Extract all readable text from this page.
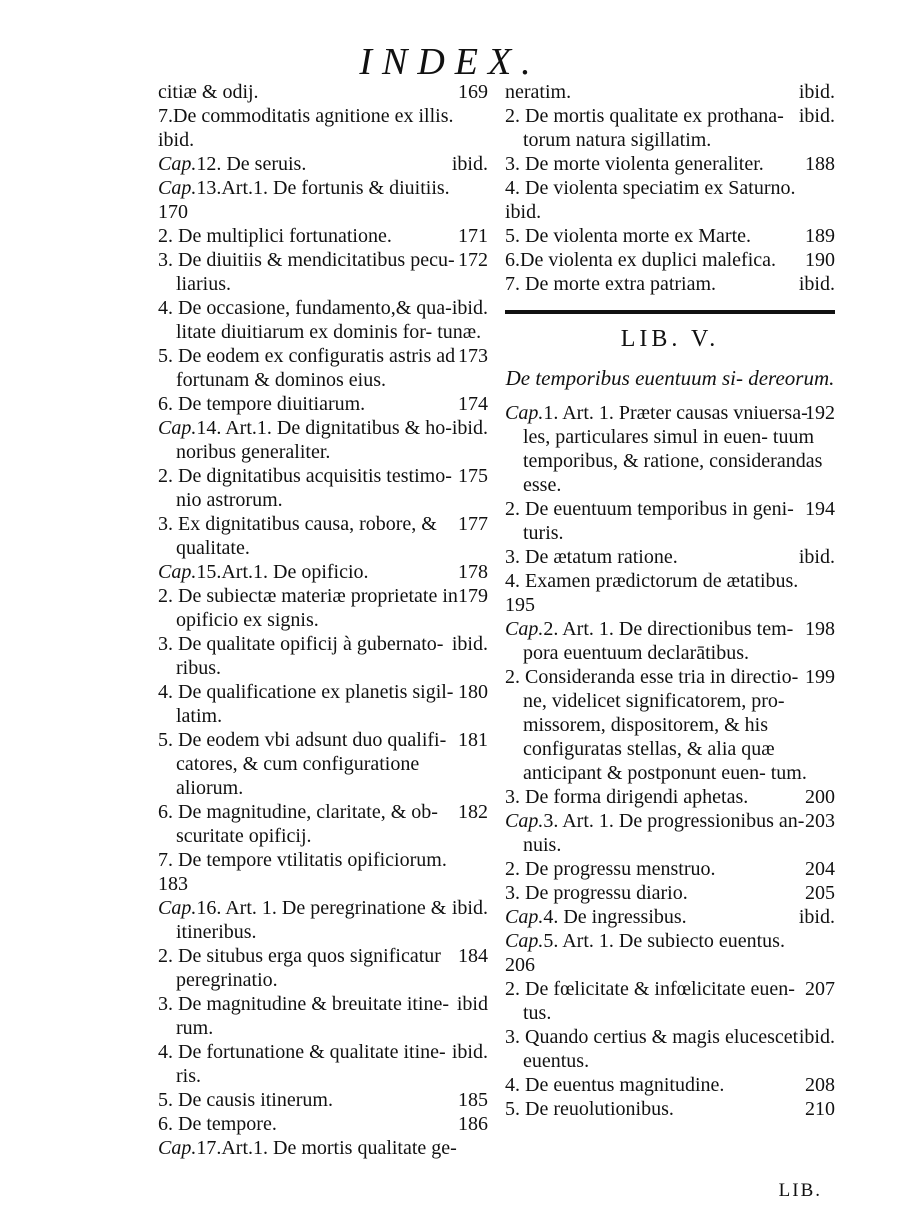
INDEX.
169
citiæ & odij.
7.De commoditatis agnitione ex illis.
ibid.
ibid.
Cap.12. De seruis.
Cap.13.Art.1. De fortunis & diuitiis.
170
171
2. De multiplici fortunatione.
172
3. De diuitiis & mendicitatibus pecu- liarius.
ibid.
4. De occasione, fundamento,& qua- litate diuitiarum ex dominis for- tunæ.
173
5. De eodem ex configuratis astris ad fortunam & dominos eius.
174
6. De tempore diuitiarum.
ibid.
Cap.14. Art.1. De dignitatibus & ho- noribus generaliter.
175
2. De dignitatibus acquisitis testimo- nio astrorum.
177
3. Ex dignitatibus causa, robore, & qualitate.
178
Cap.15.Art.1. De opificio.
179
2. De subiectæ materiæ proprietate in opificio ex signis.
ibid.
3. De qualitate opificij à gubernato- ribus.
180
4. De qualificatione ex planetis sigil- latim.
181
5. De eodem vbi adsunt duo qualifi- catores, & cum configuratione aliorum.
182
6. De magnitudine, claritate, & ob- scuritate opificij.
7. De tempore vtilitatis opificiorum.
183
ibid.
Cap.16. Art. 1. De peregrinatione & itineribus.
184
2. De situbus erga quos significatur peregrinatio.
ibid
3. De magnitudine & breuitate itine- rum.
ibid.
4. De fortunatione & qualitate itine- ris.
185
5. De causis itinerum.
186
6. De tempore.
Cap.17.Art.1. De mortis qualitate ge-
ibid.
neratim.
ibid.
2. De mortis qualitate ex prothana- torum natura sigillatim.
188
3. De morte violenta generaliter.
4. De violenta speciatim ex Saturno.
ibid.
189
5. De violenta morte ex Marte.
190
6.De violenta ex duplici malefica.
ibid.
7. De morte extra patriam.
LIB. V.
De temporibus euentuum si- dereorum.
192
Cap.1. Art. 1. Præter causas vniuersa- les, particulares simul in euen- tuum temporibus, & ratione, considerandas esse.
194
2. De euentuum temporibus in geni- turis.
ibid.
3. De ætatum ratione.
4. Examen prædictorum de ætatibus.
195
198
Cap.2. Art. 1. De directionibus tem- pora euentuum declarātibus.
199
2. Consideranda esse tria in directio- ne, videlicet significatorem, pro- missorem, dispositorem, & his configuratas stellas, & alia quæ anticipant & postponunt euen- tum.
200
3. De forma dirigendi aphetas.
203
Cap.3. Art. 1. De progressionibus an- nuis.
204
2. De progressu menstruo.
205
3. De progressu diario.
ibid.
Cap.4. De ingressibus.
Cap.5. Art. 1. De subiecto euentus.
206
207
2. De fœlicitate & infœlicitate euen- tus.
ibid.
3. Quando certius & magis elucescet euentus.
208
4. De euentus magnitudine.
210
5. De reuolutionibus.
LIB.
